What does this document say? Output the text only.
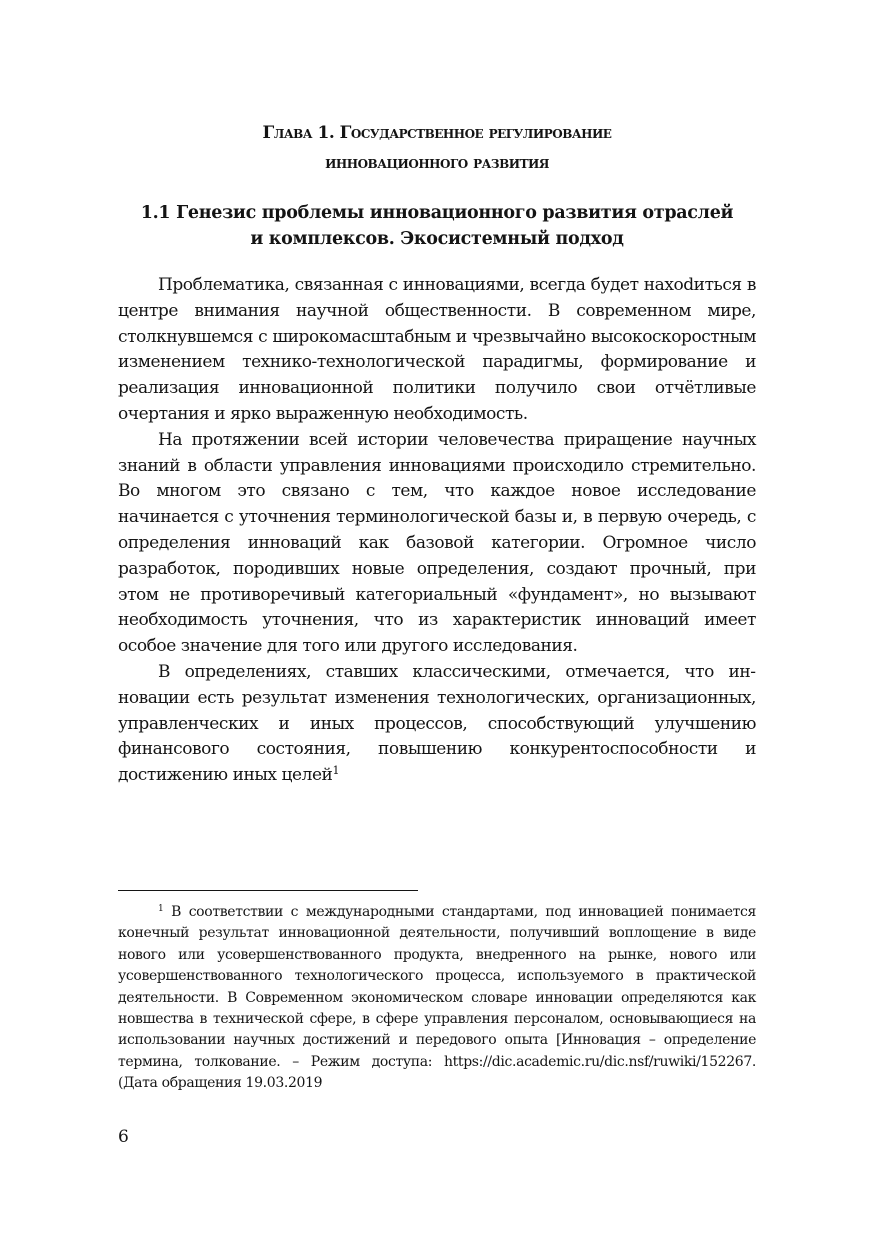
Глава 1. Государственное регулирование
инновационного развития
1.1 Генезис проблемы инновационного развития отраслей
и комплексов. Экосистемный подход

Проблематика, связанная с инновациями, всегда будет нахоdиться в центре внимания научной общественности. В современном мире, столкнувшемся с широкомасштабным и чрезвычайно высокоскоростным изменением технико-технологической парадигмы, формирование и реализация инновационной политики получило свои отчётливые очертания и ярко выраженную необходимость.

На протяжении всей истории человечества приращение научных знаний в области управления инновациями происходило стремительно. Во многом это связано с тем, что каждое новое исследование начинается с уточнения терминологической базы и, в первую очередь, с определения инноваций как базовой категории. Огромное число разработок, породивших новые определения, создают прочный, при этом не противоречивый категориальный «фундамент», но вызывают необходимость уточнения, что из характеристик инноваций имеет особое значение для того или другого исследования.

В определениях, ставших классическими, отмечается, что инновации есть результат изменения технологических, организационных, управленческих и иных процессов, способствующий улучшению финансового состояния, повышению конкурентоспособности и достижению иных целей$^1$

$^1$ В соответствии с международными стандартами, под инновацией понимается конечный результат инновационной деятельности, получивший воплощение в виде нового или усовершенствованного продукта, внедренного на рынке, нового или усовершенствованного технологического процесса, используемого в практической деятельности. В Современном экономическом словаре инновации определяются как новшества в технической сфере, в сфере управления персоналом, основывающиеся на использовании научных достижений и передового опыта [Инновация – определение термина, толкование. – Режим доступа: https://dic.academic.ru/dic.nsf/ruwiki/152267. (Дата обращения 19.03.2019

6
